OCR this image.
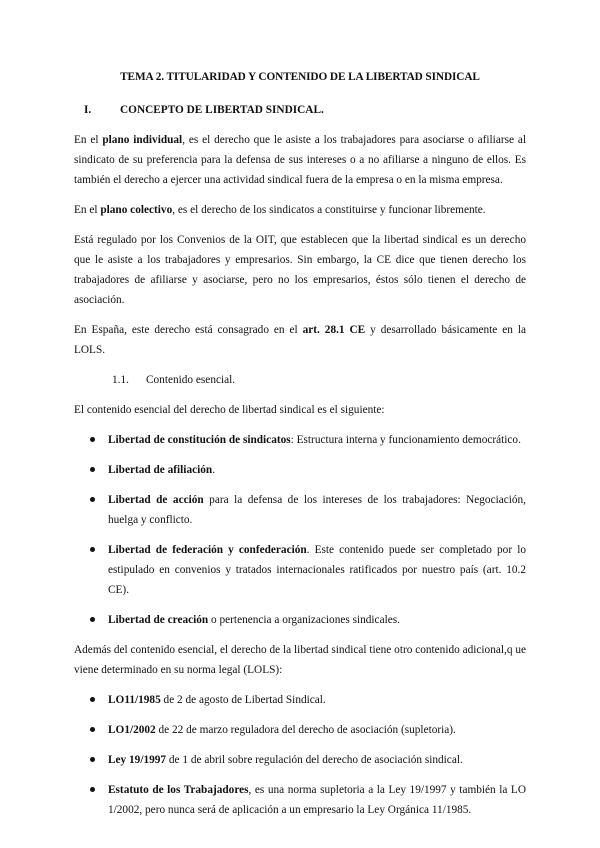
TEMA 2. TITULARIDAD Y CONTENIDO DE LA LIBERTAD SINDICAL
I.	CONCEPTO DE LIBERTAD SINDICAL.

En el plano individual, es el derecho que le asiste a los trabajadores para asociarse o afiliarse al sindicato de su preferencia para la defensa de sus intereses o a no afiliarse a ninguno de ellos. Es también el derecho a ejercer una actividad sindical fuera de la empresa o en la misma empresa.

En el plano colectivo, es el derecho de los sindicatos a constituirse y funcionar libremente.

Está regulado por los Convenios de la OIT, que establecen que la libertad sindical es un derecho que le asiste a los trabajadores y empresarios. Sin embargo, la CE dice que tienen derecho los trabajadores de afiliarse y asociarse, pero no los empresarios, éstos sólo tienen el derecho de asociación.

En España, este derecho está consagrado en el art. 28.1 CE y desarrollado básicamente en la LOLS.

1.1.	Contenido esencial.

El contenido esencial del derecho de libertad sindical es el siguiente:

Libertad de constitución de sindicatos: Estructura interna y funcionamiento democrático.
Libertad de afiliación.
Libertad de acción para la defensa de los intereses de los trabajadores: Negociación, huelga y conflicto.
Libertad de federación y confederación. Este contenido puede ser completado por lo estipulado en convenios y tratados internacionales ratificados por nuestro país (art. 10.2 CE).
Libertad de creación o pertenencia a organizaciones sindicales.

Además del contenido esencial, el derecho de la libertad sindical tiene otro contenido adicional,q ue viene determinado en su norma legal (LOLS):

LO11/1985 de 2 de agosto de Libertad Sindical.
LO1/2002 de 22 de marzo reguladora del derecho de asociación (supletoria).
Ley 19/1997 de 1 de abril sobre regulación del derecho de asociación sindical.
Estatuto de los Trabajadores, es una norma supletoria a la Ley 19/1997 y también la LO 1/2002, pero nunca será de aplicación a un empresario la Ley Orgánica 11/1985.
